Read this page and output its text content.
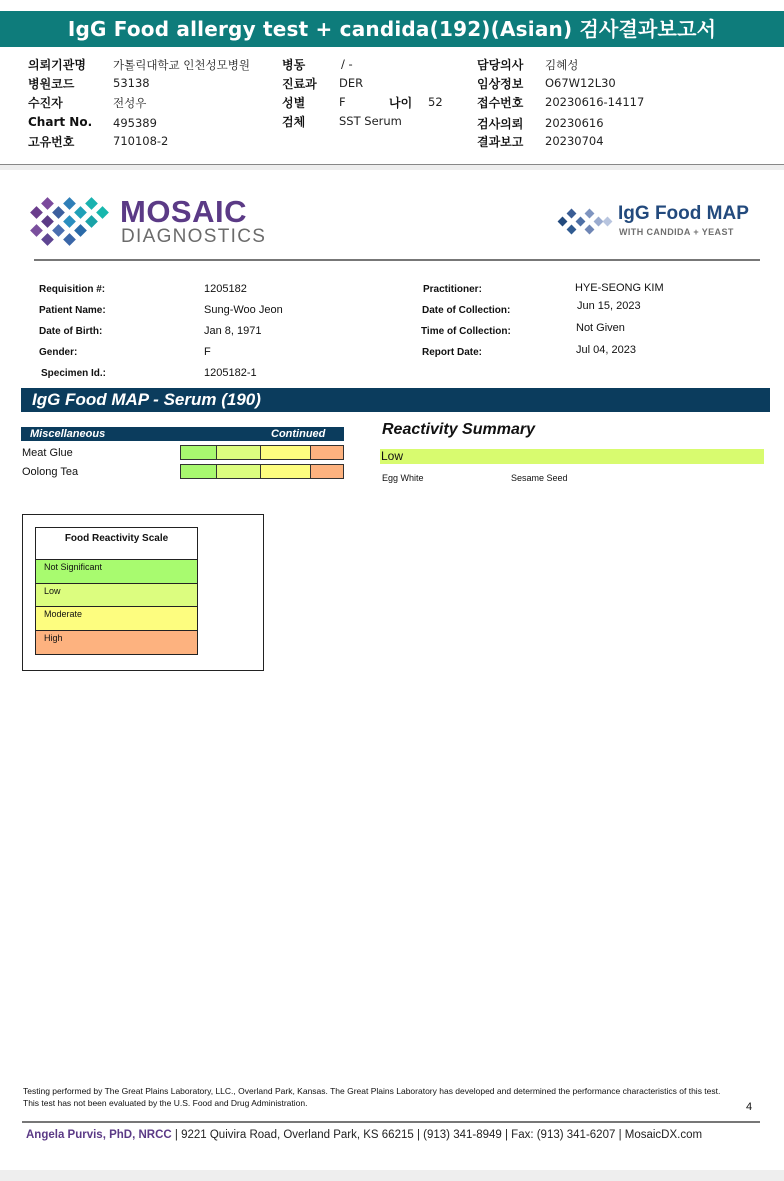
IgG Food allergy test + candida(192)(Asian) 검사결과보고서
의뢰기관명 가톨릭대학교 인천성모병원
병원코드	53138
수진자	전성우
Chart No. 495389
고유번호	710108-2
병동	/ -
진료과 DER
성별	F
검체	SST Serum
나이 52
담당의사 김혜성
임상정보 O67W12L30
접수번호 20230616-14117
검사의뢰 20230616
결과보고 20230704
MOSAIC
DIAGNOSTICS
IgG Food MAP
WITH CANDIDA + YEAST
Requisition #:	1205182
Patient Name:	Sung-Woo Jeon
Date of Birth:	Jan 8, 1971
Gender:	F
Specimen Id.:	1205182-1
Practitioner:	HYE-SEONG KIM
Date of Collection:	Jun 15, 2023
Time of Collection:	Not Given
Report Date:	Jul 04, 2023
IgG Food MAP - Serum (190)
Miscellaneous	Continued
Meat Glue
Oolong Tea
Reactivity Summary
Low
Egg White	Sesame Seed
Food Reactivity Scale
Not Significant
Low
Moderate
High
Testing performed by The Great Plains Laboratory, LLC., Overland Park, Kansas. The Great Plains Laboratory has developed and determined the performance characteristics of this test. This test has not been evaluated by the U.S. Food and Drug Administration.	4
Angela Purvis, PhD, NRCC | 9221 Quivira Road, Overland Park, KS 66215 | (913) 341-8949 | Fax: (913) 341-6207 | MosaicDX.com
